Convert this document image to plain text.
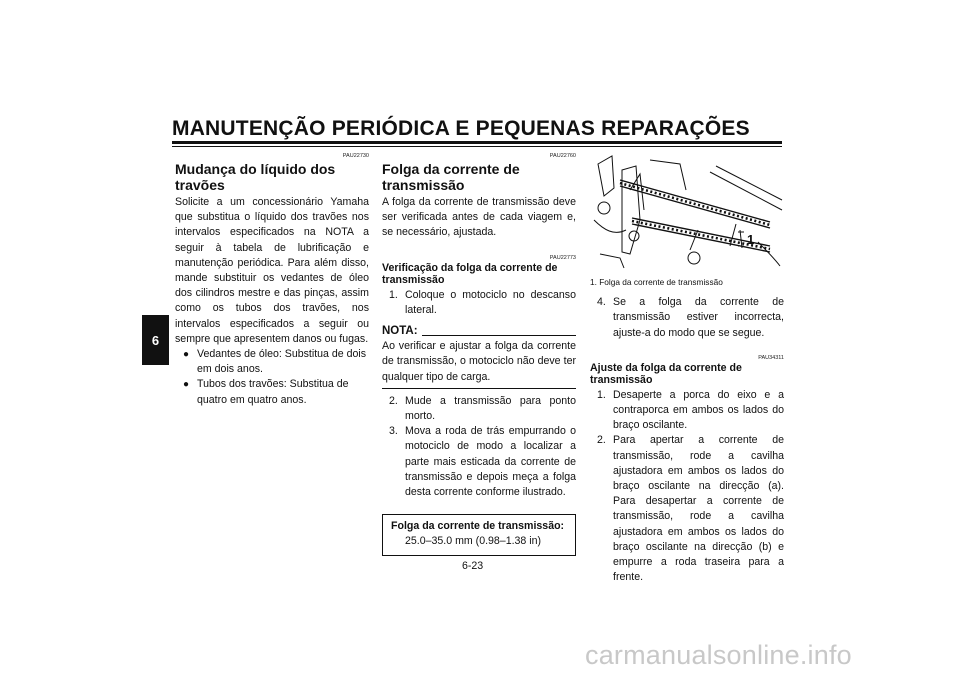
MANUTENÇÃO PERIÓDICA E PEQUENAS REPARAÇÕES
6
PAU22730
Mudança do líquido dos travões

Solicite a um concessionário Yamaha que substitua o líquido dos travões nos intervalos especificados na NOTA a seguir à tabela de lubrificação e manutenção periódica. Para além disso, mande substituir os vedantes de óleo dos cilindros mestre e das pinças, assim como os tubos dos travões, nos intervalos especificados a seguir ou sempre que apresentem danos ou fugas.

● Vedantes de óleo: Substitua de dois em dois anos.
● Tubos dos travões: Substitua de quatro em quatro anos.
PAU22760
Folga da corrente de transmissão

A folga da corrente de transmissão deve ser verificada antes de cada viagem e, se necessário, ajustada.

PAU22773
Verificação da folga da corrente de transmissão
1. Coloque o motociclo no descanso lateral.
NOTA:

Ao verificar e ajustar a folga da corrente de transmissão, o motociclo não deve ter qualquer tipo de carga.

2. Mude a transmissão para ponto morto.
3. Mova a roda de trás empurrando o motociclo de modo a localizar a parte mais esticada da corrente de transmissão e depois meça a folga desta corrente conforme ilustrado.
Folga da corrente de transmissão:
25.0–35.0 mm (0.98–1.38 in)
1
1. Folga da corrente de transmissão
4. Se a folga da corrente de transmissão estiver incorrecta, ajuste-a do modo que se segue.
PAU34311
Ajuste da folga da corrente de transmissão
1. Desaperte a porca do eixo e a contraporca em ambos os lados do braço oscilante.
2. Para apertar a corrente de transmissão, rode a cavilha ajustadora em ambos os lados do braço oscilante na direcção (a). Para desapertar a corrente de transmissão, rode a cavilha ajustadora em ambos os lados do braço oscilante na direcção (b) e empurre a roda traseira para a frente.
6-23
carmanualsonline.info
